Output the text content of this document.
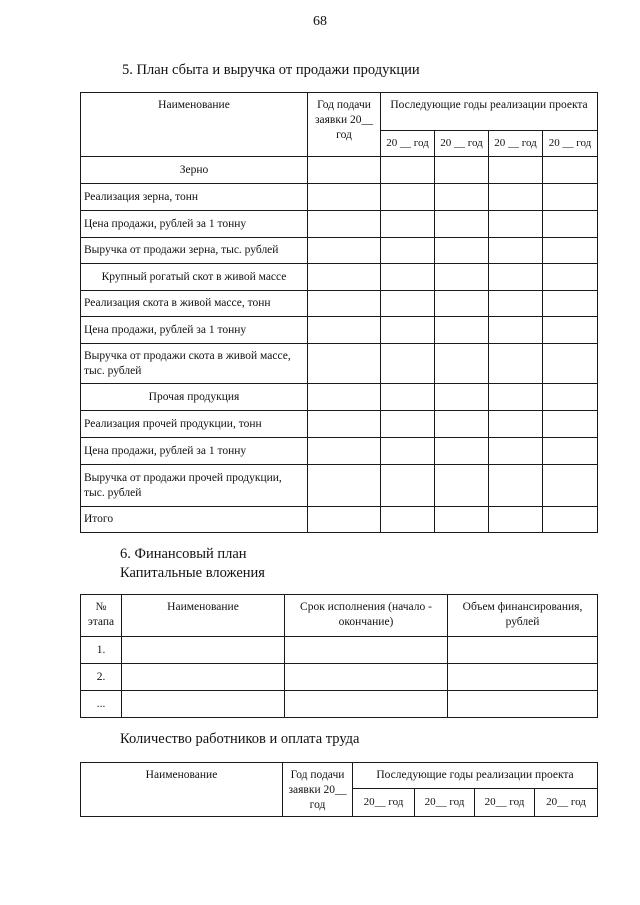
68
5. План сбыта и выручка от продажи продукции
Наименование	Год подачи заявки 20__ год	Последующие годы реализации проекта			
		20 __ год	20 __ год	20 __ год	20 __ год
Зерно					
Реализация зерна, тонн					
Цена продажи, рублей за 1 тонну					
Выручка от продажи зерна, тыс. рублей					
Крупный рогатый скот в живой массе					
Реализация скота в живой массе, тонн					
Цена продажи, рублей за 1 тонну					
Выручка от продажи скота в живой массе, тыс. рублей					
Прочая продукция					
Реализация прочей продукции, тонн					
Цена продажи, рублей за 1 тонну					
Выручка от продажи прочей продукции, тыс. рублей					
Итого					
6. Финансовый план
Капитальные вложения
№ этапа	Наименование	Срок исполнения (начало - окончание)	Объем финансирования, рублей
1.			
2.			
...			
Количество работников и оплата труда
Наименование	Год подачи заявки 20__ год	Последующие годы реализации проекта			
		20__ год	20__ год	20__ год	20__ год
